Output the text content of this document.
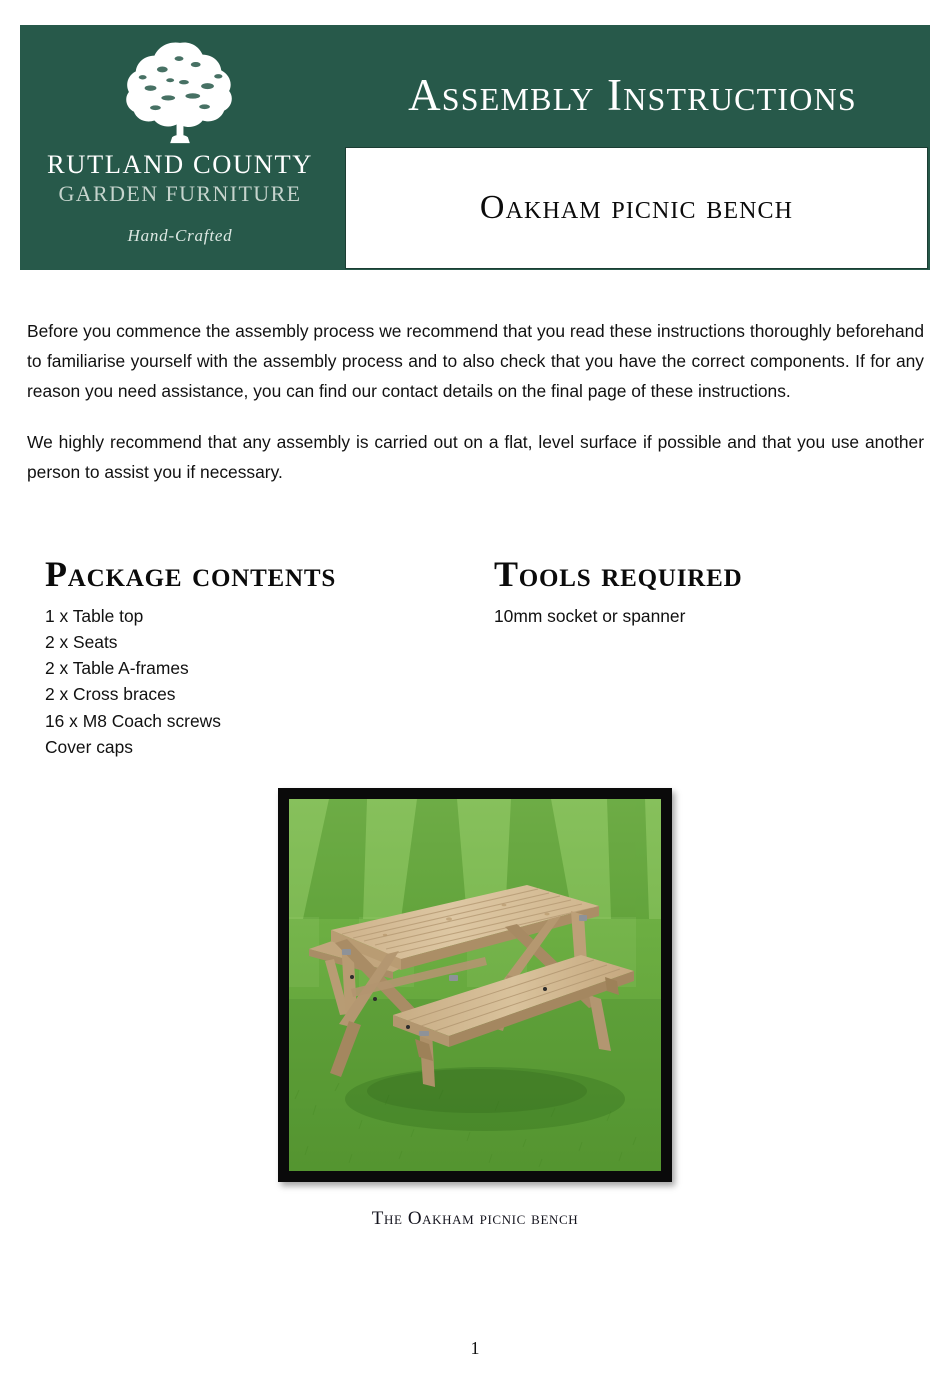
RUTLAND COUNTY
GARDEN FURNITURE
Hand-Crafted
Assembly Instructions
Oakham picnic bench

Before you commence the assembly process we recommend that you read these instructions thoroughly beforehand to familiarise yourself with the assembly process and to also check that you have the correct components. If for any reason you need assistance, you can find our contact details on the final page of these instructions.

We highly recommend that any assembly is carried out on a flat, level surface if possible and that you use another person to assist you if necessary.

Package contents
1 x Table top
2 x Seats
2 x Table A-frames
2 x Cross braces
16 x M8 Coach screws
Cover caps
Tools required
10mm socket or spanner
The Oakham picnic bench
1
